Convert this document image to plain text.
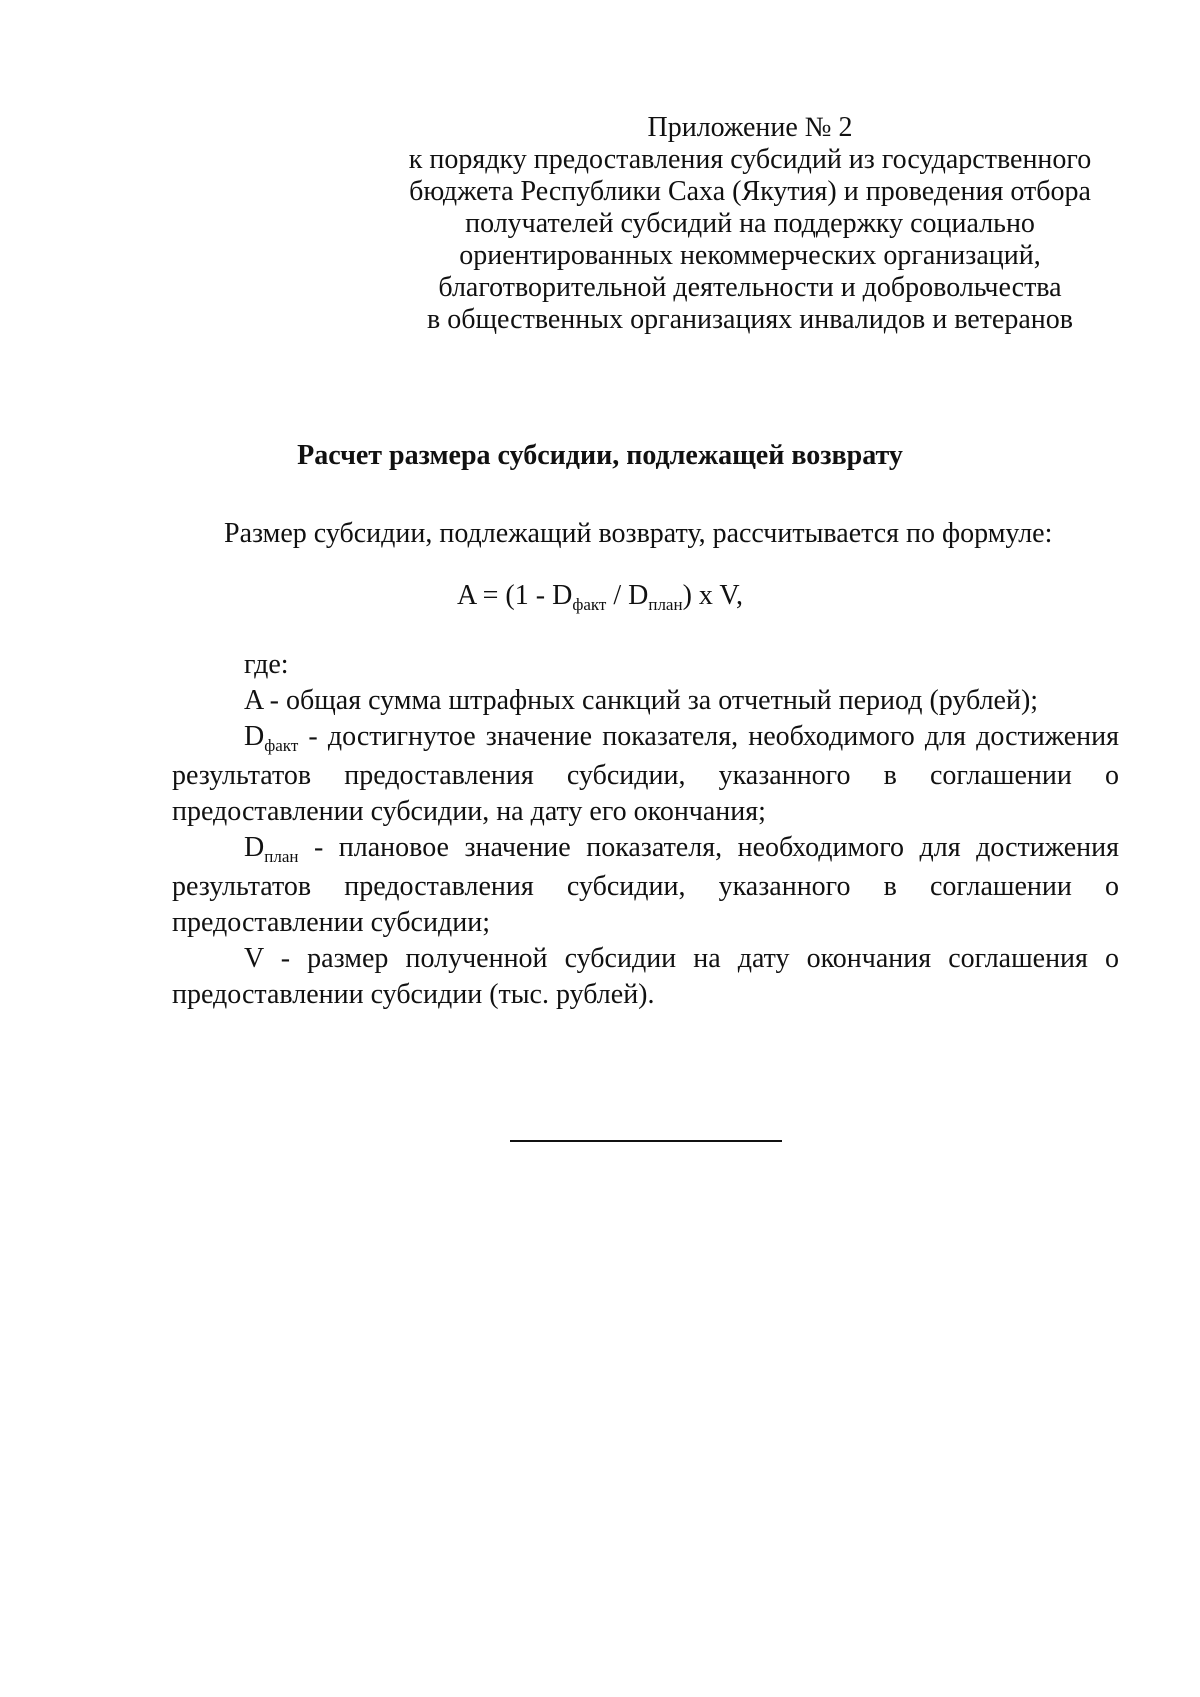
Приложение № 2
к порядку предоставления субсидий из государственного
бюджета Республики Саха (Якутия) и проведения отбора
получателей субсидий на поддержку социально
ориентированных некоммерческих организаций,
благотворительной деятельности и добровольчества
в общественных организациях инвалидов и ветеранов
Расчет размера субсидии, подлежащей возврату
Размер субсидии, подлежащий возврату, рассчитывается по формуле:
$A = (1 - D_{факт} / D_{план})$ x V,

где:

A - общая сумма штрафных санкций за отчетный период (рублей);

$D_{факт}$ - достигнутое значение показателя, необходимого для достижения результатов предоставления субсидии, указанного в соглашении о предоставлении субсидии, на дату его окончания;

$D_{план}$ - плановое значение показателя, необходимого для достижения результатов предоставления субсидии, указанного в соглашении о предоставлении субсидии;

V - размер полученной субсидии на дату окончания соглашения о предоставлении субсидии (тыс. рублей).
